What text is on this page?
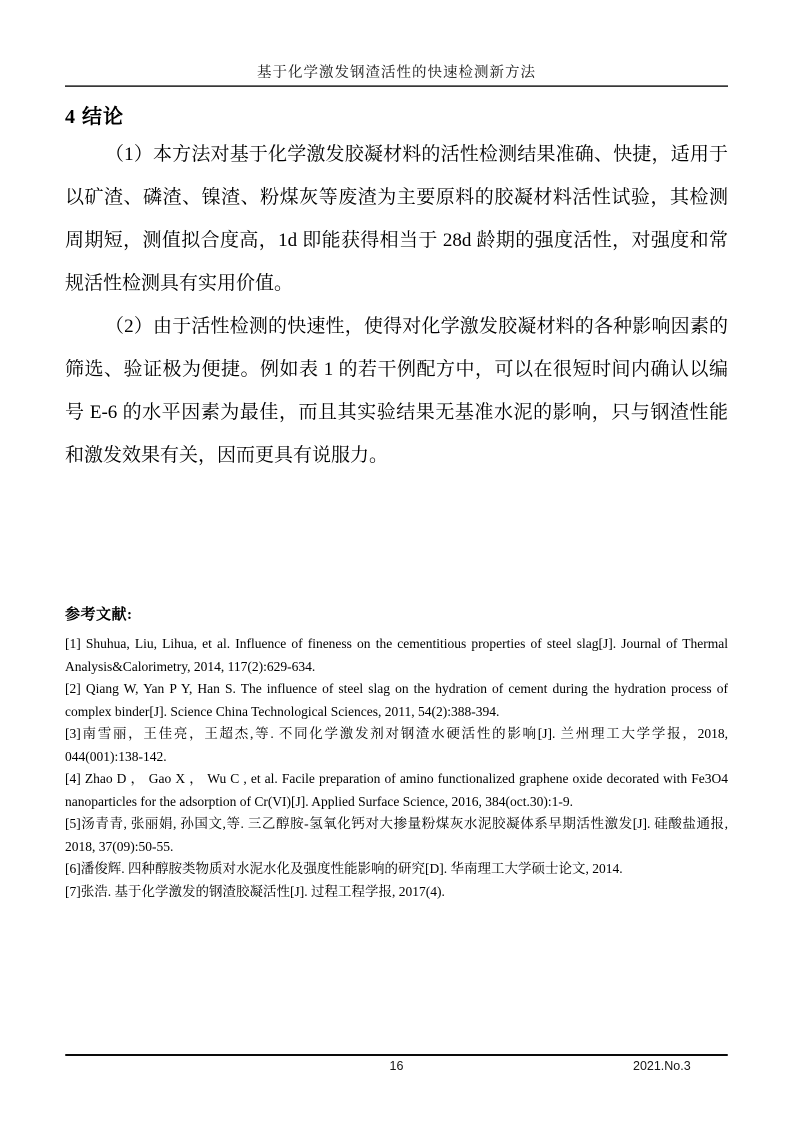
基于化学激发钢渣活性的快速检测新方法
4 结论

（1）本方法对基于化学激发胶凝材料的活性检测结果准确、快捷，适用于以矿渣、磷渣、镍渣、粉煤灰等废渣为主要原料的胶凝材料活性试验，其检测周期短，测值拟合度高，1d 即能获得相当于 28d 龄期的强度活性，对强度和常规活性检测具有实用价值。

（2）由于活性检测的快速性，使得对化学激发胶凝材料的各种影响因素的筛选、验证极为便捷。例如表 1 的若干例配方中，可以在很短时间内确认以编号 E-6 的水平因素为最佳，而且其实验结果无基准水泥的影响，只与钢渣性能和激发效果有关，因而更具有说服力。

参考文献:

[1] Shuhua, Liu, Lihua, et al. Influence of fineness on the cementitious properties of steel slag[J]. Journal of Thermal Analysis&Calorimetry, 2014, 117(2):629-634.

[2] Qiang W, Yan P Y, Han S. The influence of steel slag on the hydration of cement during the hydration process of complex binder[J]. Science China Technological Sciences, 2011, 54(2):388-394.

[3]南雪丽，王佳亮，王超杰,等. 不同化学激发剂对钢渣水硬活性的影响[J]. 兰州理工大学学报，2018, 044(001):138-142.

[4] Zhao D ， Gao X ， Wu C , et al. Facile preparation of amino functionalized graphene oxide decorated with Fe3O4 nanoparticles for the adsorption of Cr(VI)[J]. Applied Surface Science, 2016, 384(oct.30):1-9.

[5]汤青青, 张丽娟, 孙国文,等. 三乙醇胺-氢氧化钙对大掺量粉煤灰水泥胶凝体系早期活性激发[J]. 硅酸盐通报, 2018, 37(09):50-55.

[6]潘俊辉. 四种醇胺类物质对水泥水化及强度性能影响的研究[D]. 华南理工大学硕士论文, 2014.

[7]张浩. 基于化学激发的钢渣胶凝活性[J]. 过程工程学报, 2017(4).

16	2021.No.3
